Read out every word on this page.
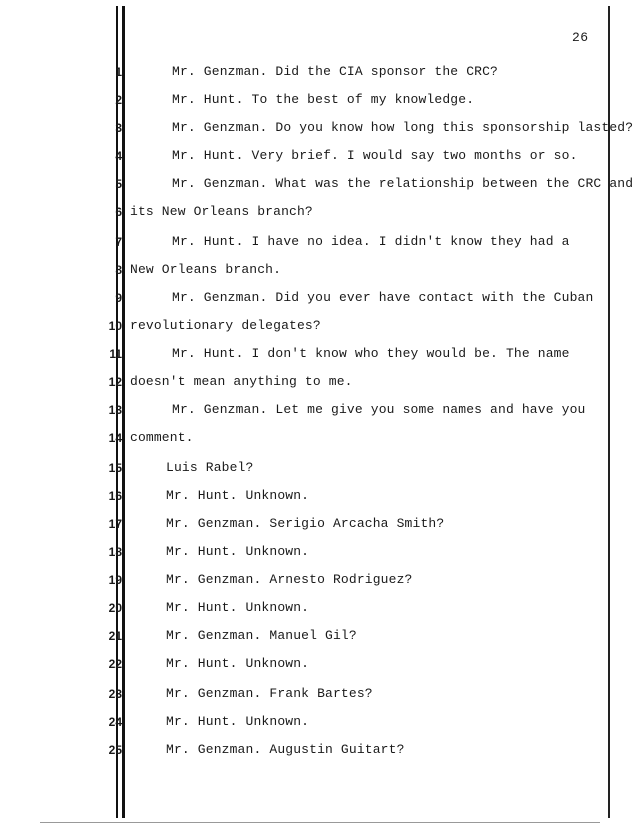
26
1	Mr. Genzman. Did the CIA sponsor the CRC?
2	Mr. Hunt. To the best of my knowledge.
3	Mr. Genzman. Do you know how long this sponsorship lasted?
4	Mr. Hunt. Very brief. I would say two months or so.
5	Mr. Genzman. What was the relationship between the CRC and
6 its New Orleans branch?
7	Mr. Hunt. I have no idea. I didn't know they had a
8 New Orleans branch.
9	Mr. Genzman. Did you ever have contact with the Cuban
10 revolutionary delegates?
11	Mr. Hunt. I don't know who they would be. The name
12 doesn't mean anything to me.
13	Mr. Genzman. Let me give you some names and have you
14 comment.
15	Luis Rabel?
16	Mr. Hunt. Unknown.
17	Mr. Genzman. Serigio Arcacha Smith?
18	Mr. Hunt. Unknown.
19	Mr. Genzman. Arnesto Rodriguez?
20	Mr. Hunt. Unknown.
21	Mr. Genzman. Manuel Gil?
22	Mr. Hunt. Unknown.
23	Mr. Genzman. Frank Bartes?
24	Mr. Hunt. Unknown.
25	Mr. Genzman. Augustin Guitart?
